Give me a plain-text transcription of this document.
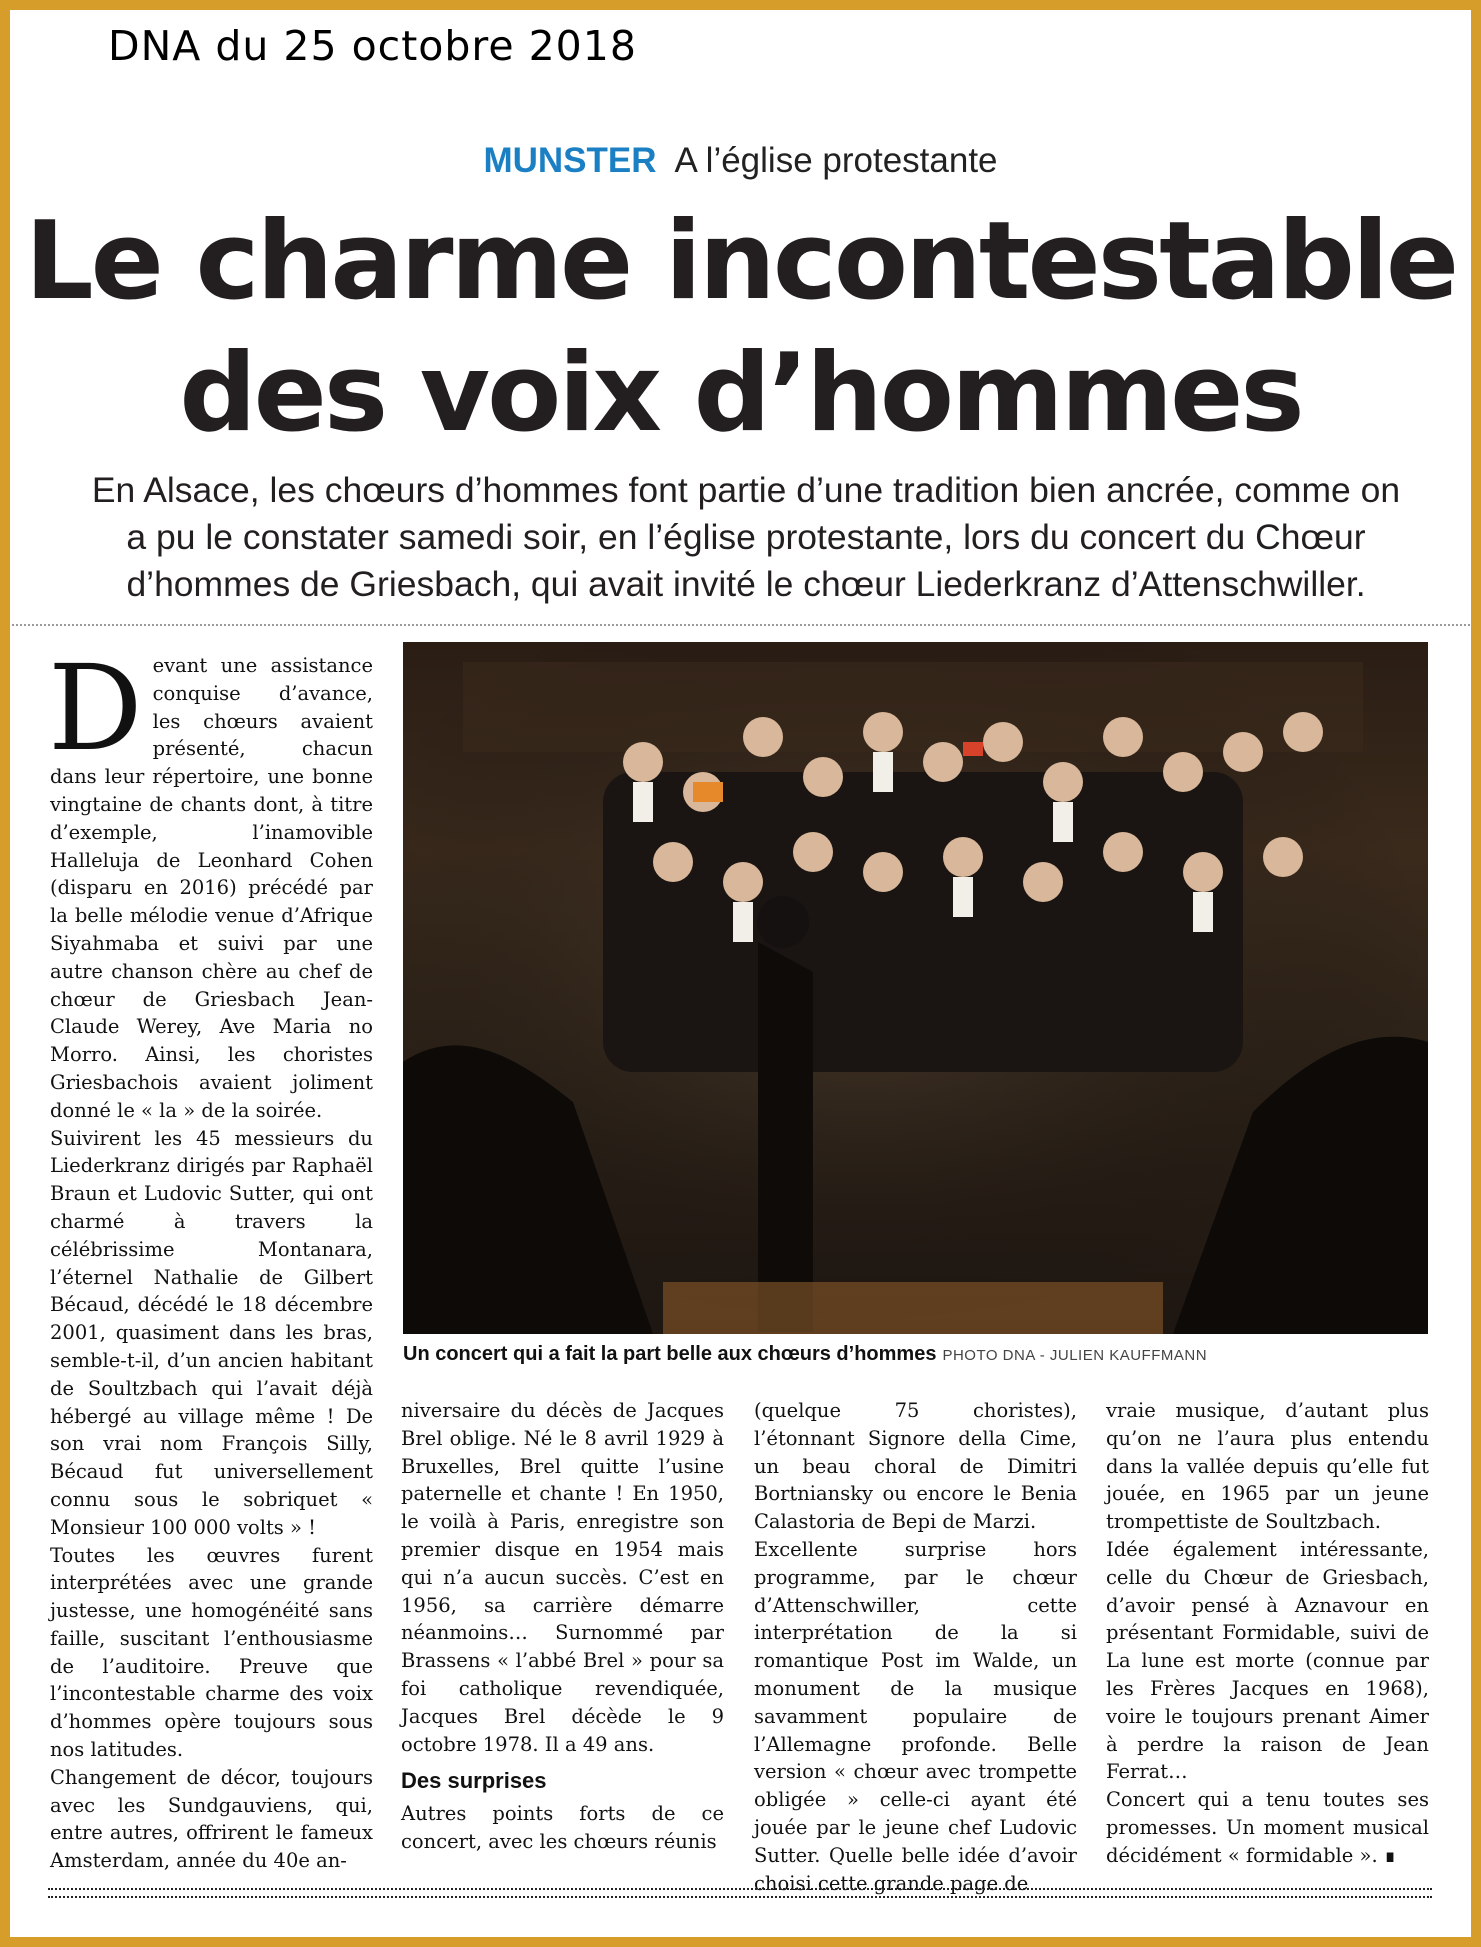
DNA du 25 octobre 2018
MUNSTER A l’église protestante
Le charme incontestable
des voix d’hommes
En Alsace, les chœurs d’hommes font partie d’une tradition bien ancrée, comme on
a pu le constater samedi soir, en l’église protestante, lors du concert du Chœur
d’hommes de Griesbach, qui avait invité le chœur Liederkranz d’Attenschwiller.
D evant une assistance conquise d’avance, les chœurs avaient présenté, chacun dans leur répertoire, une bonne vingtaine de chants dont, à titre d’exemple, l’inamovible Halleluja de Leonhard Cohen (disparu en 2016) précédé par la belle mélodie venue d’Afrique Siyahmaba et suivi par une autre chanson chère au chef de chœur de Griesbach Jean-Claude Werey, Ave Maria no Morro. Ainsi, les choristes Griesbachois avaient joliment donné le « la » de la soirée.

Suivirent les 45 messieurs du Liederkranz dirigés par Raphaël Braun et Ludovic Sutter, qui ont charmé à travers la célébrissime Montanara, l’éternel Nathalie de Gilbert Bécaud, décédé le 18 décembre 2001, quasiment dans les bras, semble-t-il, d’un ancien habitant de Soultzbach qui l’avait déjà hébergé au village même ! De son vrai nom François Silly, Bécaud fut universellement connu sous le sobriquet « Monsieur 100 000 volts » !

Toutes les œuvres furent interprétées avec une grande justesse, une homogénéité sans faille, suscitant l’enthousiasme de l’auditoire. Preuve que l’incontestable charme des voix d’hommes opère toujours sous nos latitudes.

Changement de décor, toujours avec les Sundgauviens, qui, entre autres, offrirent le fameux Amsterdam, année du 40e an-

Un concert qui a fait la part belle aux chœurs d’hommes PHOTO DNA - JULIEN KAUFFMANN

niversaire du décès de Jacques Brel oblige. Né le 8 avril 1929 à Bruxelles, Brel quitte l’usine paternelle et chante ! En 1950, le voilà à Paris, enregistre son premier disque en 1954 mais qui n’a aucun succès. C’est en 1956, sa carrière démarre néanmoins… Surnommé par Brassens « l’abbé Brel » pour sa foi catholique revendiquée, Jacques Brel décède le 9 octobre 1978. Il a 49 ans.

Des surprises

Autres points forts de ce concert, avec les chœurs réunis

(quelque 75 choristes), l’étonnant Signore della Cime, un beau choral de Dimitri Bortniansky ou encore le Benia Calastoria de Bepi de Marzi.

Excellente surprise hors programme, par le chœur d’Attenschwiller, cette interprétation de la si romantique Post im Walde, un monument de la musique savamment populaire de l’Allemagne profonde. Belle version « chœur avec trompette obligée » celle-ci ayant été jouée par le jeune chef Ludovic Sutter. Quelle belle idée d’avoir choisi cette grande page de

vraie musique, d’autant plus qu’on ne l’aura plus entendu dans la vallée depuis qu’elle fut jouée, en 1965 par un jeune trompettiste de Soultzbach.

Idée également intéressante, celle du Chœur de Griesbach, d’avoir pensé à Aznavour en présentant Formidable, suivi de La lune est morte (connue par les Frères Jacques en 1968), voire le toujours prenant Aimer à perdre la raison de Jean Ferrat…

Concert qui a tenu toutes ses promesses. Un moment musical décidément « formidable ». ∎
